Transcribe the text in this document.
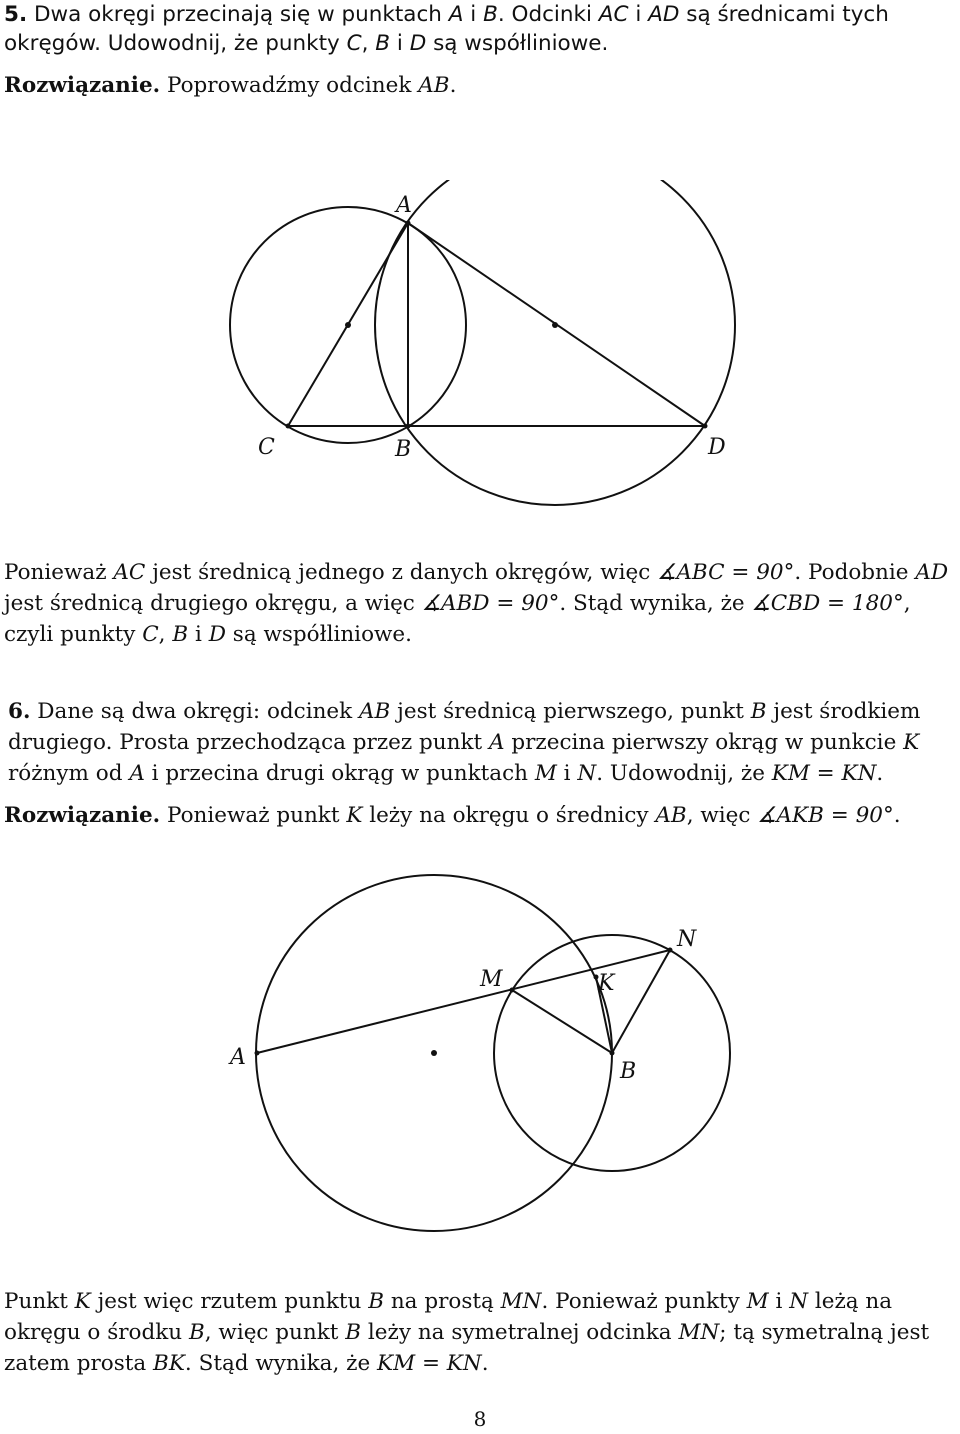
5. Dwa okręgi przecinają się w punktach A i B. Odcinki AC i AD są średnicami tych
okręgów. Udowodnij, że punkty C, B i D są współliniowe.
Rozwiązanie. Poprowadźmy odcinek AB.
A
C	B	D
Ponieważ AC jest średnicą jednego z danych okręgów, więc ∡ABC = 90°. Podobnie AD
jest średnicą drugiego okręgu, a więc ∡ABD = 90°. Stąd wynika, że ∡CBD = 180°,
czyli punkty C, B i D są współliniowe.
6. Dane są dwa okręgi: odcinek AB jest średnicą pierwszego, punkt B jest środkiem
drugiego. Prosta przechodząca przez punkt A przecina pierwszy okrąg w punkcie K
różnym od A i przecina drugi okrąg w punktach M i N. Udowodnij, że KM = KN.
Rozwiązanie. Ponieważ punkt K leży na okręgu o średnicy AB, więc ∡AKB = 90°.
A
B
M	K
N
Punkt K jest więc rzutem punktu B na prostą MN. Ponieważ punkty M i N leżą na
okręgu o środku B, więc punkt B leży na symetralnej odcinka MN; tą symetralną jest
zatem prosta BK. Stąd wynika, że KM = KN.
8
